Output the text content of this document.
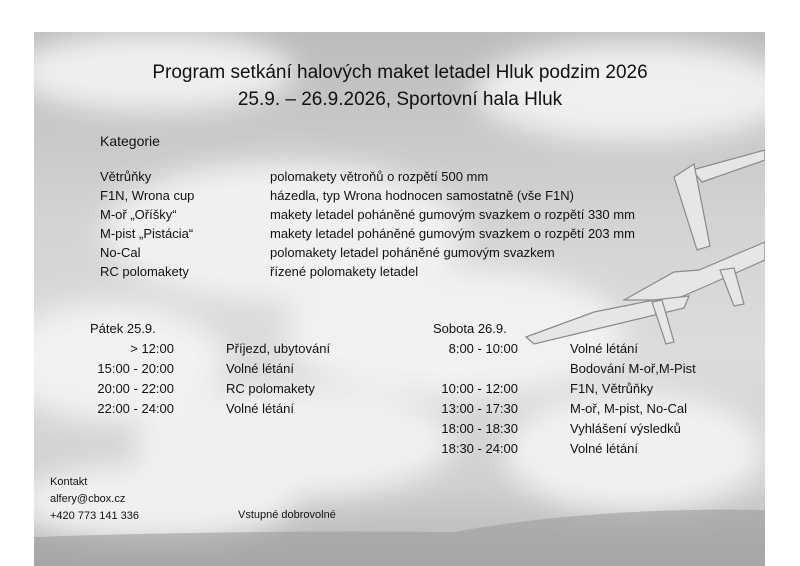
Program setkání halových maket letadel Hluk podzim 2026
25.9. – 26.9.2026, Sportovní hala Hluk
Kategorie
Větrůňky	polomakety větroňů o rozpětí 500 mm
F1N, Wrona cup	házedla, typ Wrona hodnocen samostatně (vše F1N)
M-oř „Oříšky“	makety letadel poháněné gumovým svazkem o rozpětí 330 mm
M-pist „Pistácia“	makety letadel poháněné gumovým svazkem o rozpětí 203 mm
No-Cal	polomakety letadel poháněné gumovým svazkem
RC polomakety	řízené polomakety letadel
Pátek 25.9.
> 12:00	Příjezd, ubytování
15:00 - 20:00	Volné létání
20:00 - 22:00	RC polomakety
22:00 - 24:00	Volné létání
Sobota 26.9.
8:00 - 10:00	Volné létání
Bodování M-oř,M-Pist
10:00 - 12:00	F1N, Větrůňky
13:00 - 17:30	M-oř, M-pist, No-Cal
18:00 - 18:30	Vyhlášení výsledků
18:30 - 24:00	Volné létání
Kontakt
alfery@cbox.cz
+420 773 141 336	Vstupné dobrovolné
